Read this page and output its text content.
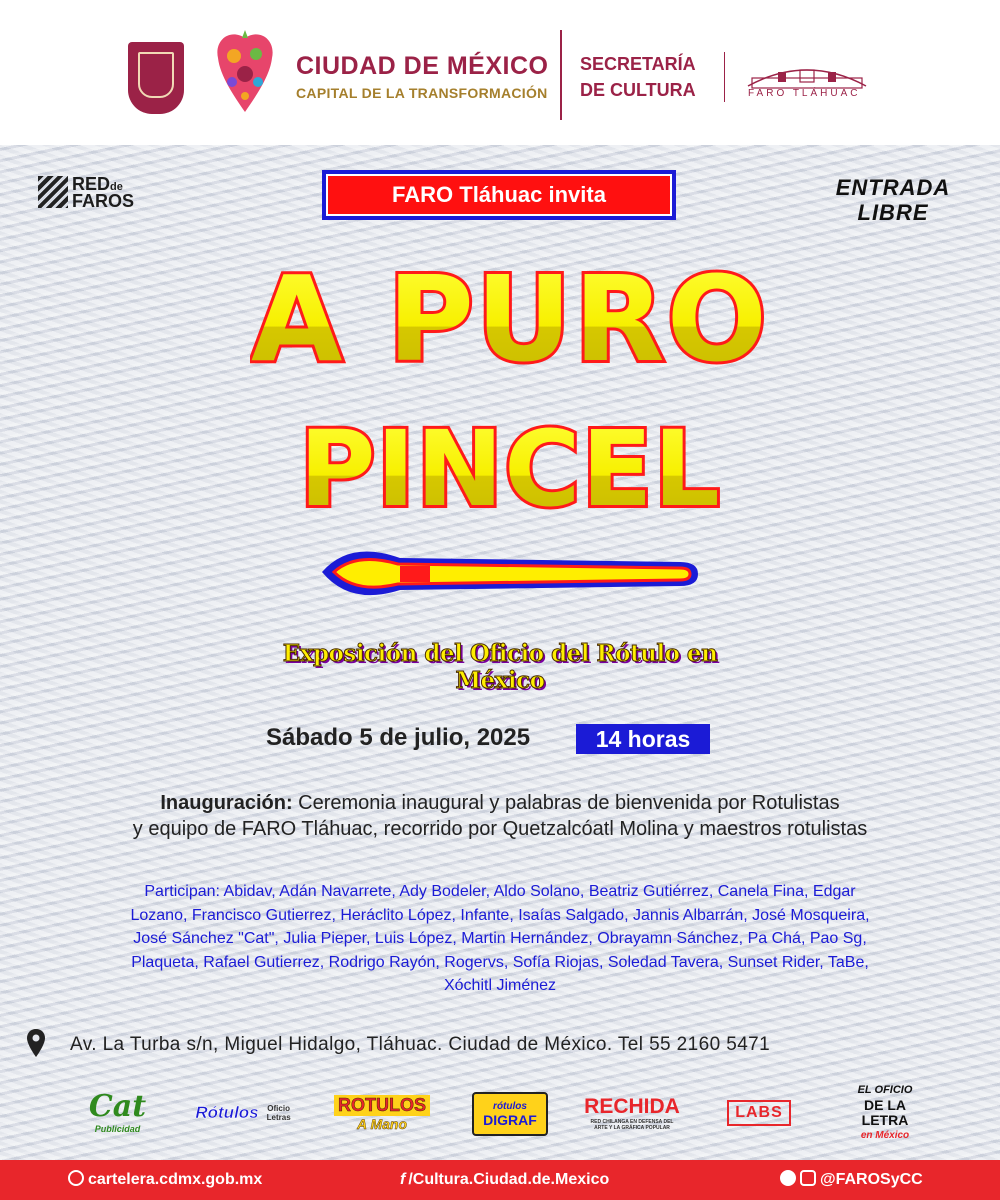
CIUDAD DE MÉXICO
CAPITAL DE LA TRANSFORMACIÓN
SECRETARÍA
DE CULTURA	FARO TLÁHUAC
REDde
FAROS	FARO Tláhuac invita	ENTRADA
LIBRE
A PURO
PINCEL
Exposición del Oficio del Rótulo en México
Sábado 5 de julio, 2025	14 horas
Inauguración: Ceremonia inaugural y palabras de bienvenida por Rotulistas
y equipo de FARO Tláhuac, recorrido por Quetzalcóatl Molina y maestros rotulistas
Participan: Abidav, Adán Navarrete, Ady Bodeler, Aldo Solano, Beatriz Gutiérrez, Canela Fina, Edgar
Lozano, Francisco Gutierrez, Heráclito López, Infante, Isaías Salgado, Jannis Albarrán, José Mosqueira,
José Sánchez "Cat", Julia Pieper, Luis López, Martin Hernández, Obrayamn Sánchez, Pa Chá, Pao Sg,
Plaqueta, Rafael Gutierrez, Rodrigo Rayón, Rogervs, Sofía Riojas, Soledad Tavera, Sunset Rider, TaBe,
Xóchitl Jiménez
Av. La Turba s/n, Miguel Hidalgo, Tláhuac. Ciudad de México. Tel 55 2160 5471
Cat
Publicidad
Rótulos	Oficio Letras
ROTULOS
A Mano
rótulos
DIGRAF
RECHIDA
RED CHILANGA EN DEFENSA DEL ARTE Y LA GRÁFICA POPULAR
LABS
EL OFICIO
DE LA LETRA
en México
cartelera.cdmx.gob.mx	f /Cultura.Ciudad.de.Mexico	@FAROSyCC
